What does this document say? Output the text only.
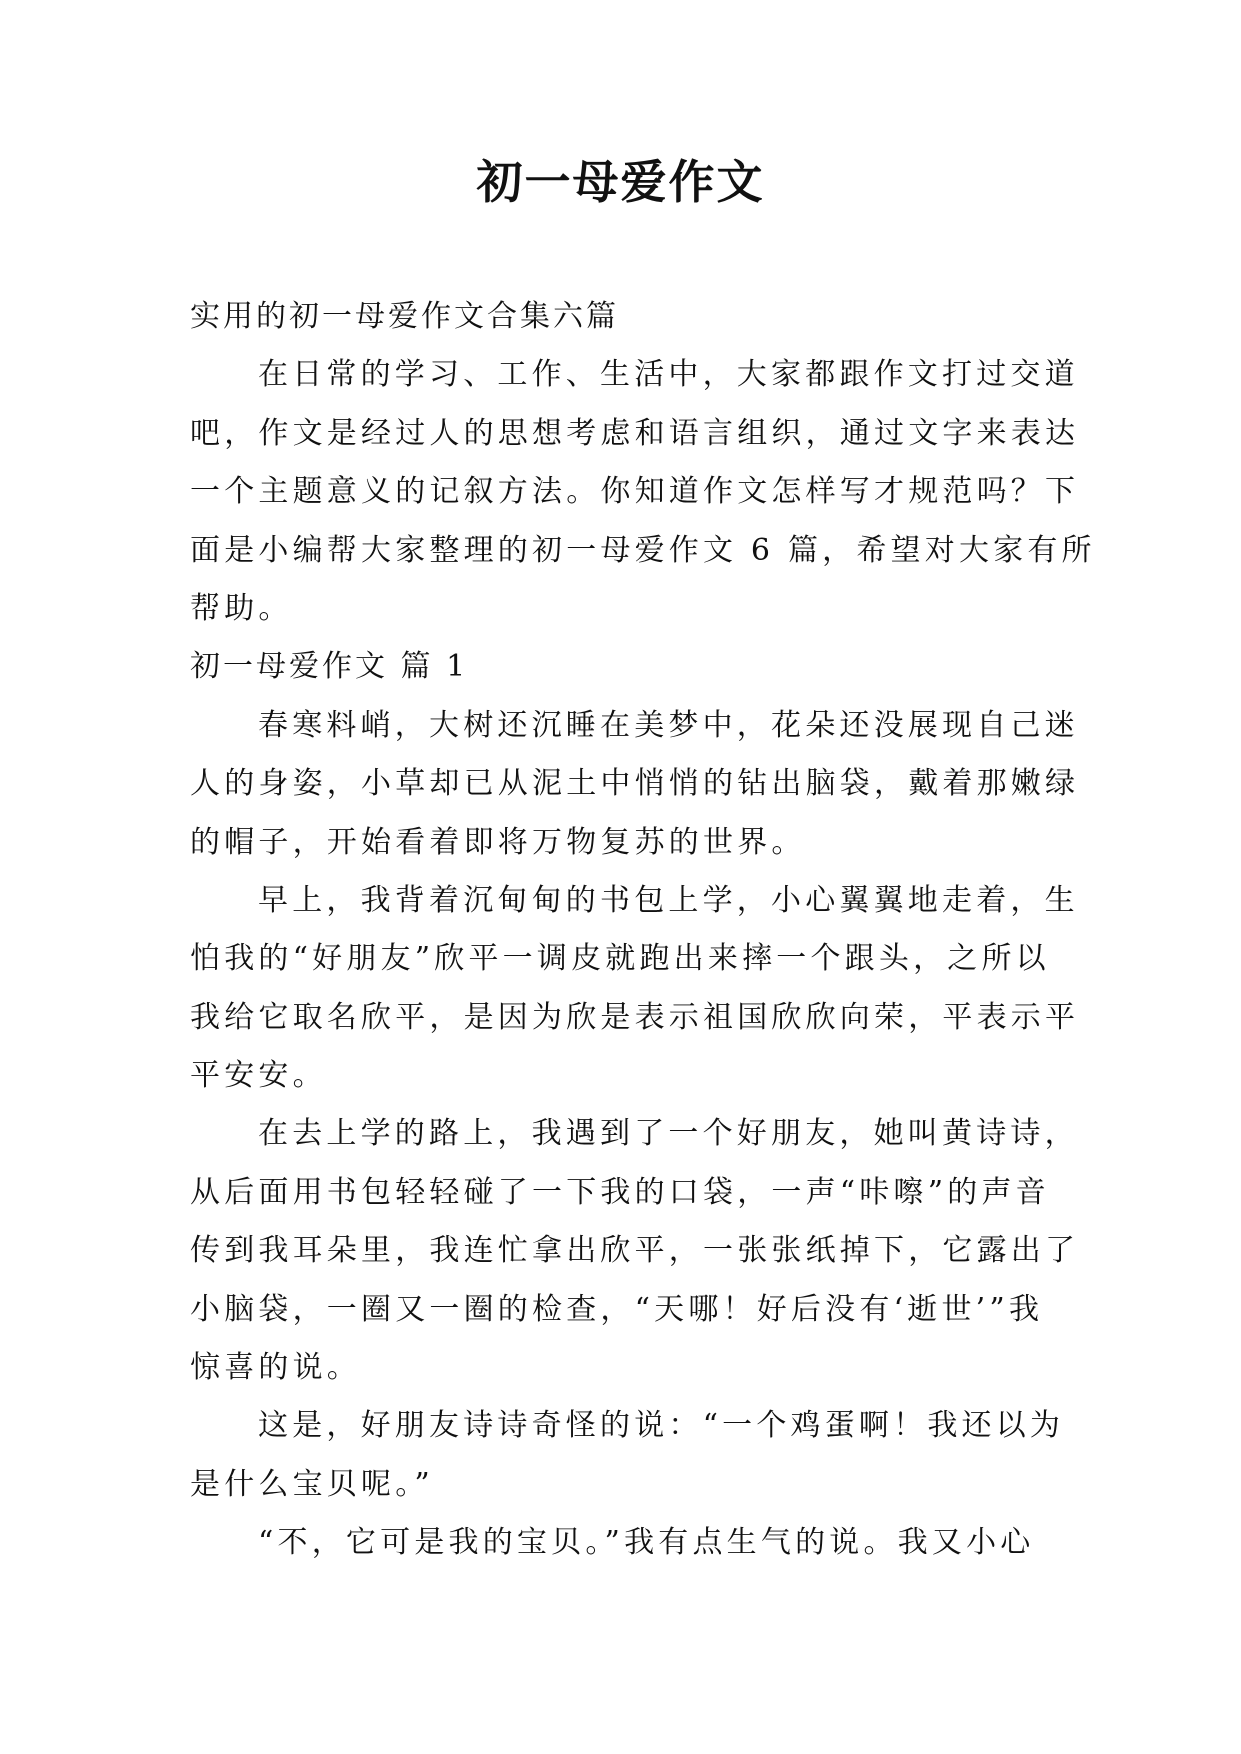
初一母爱作文
实用的初一母爱作文合集六篇
在日常的学习、工作、生活中，大家都跟作文打过交道
吧，作文是经过人的思想考虑和语言组织，通过文字来表达
一个主题意义的记叙方法。你知道作文怎样写才规范吗？下
面是小编帮大家整理的初一母爱作文 6 篇，希望对大家有所
帮助。
初一母爱作文 篇 1
春寒料峭，大树还沉睡在美梦中，花朵还没展现自己迷
人的身姿，小草却已从泥土中悄悄的钻出脑袋，戴着那嫩绿
的帽子，开始看着即将万物复苏的世界。
早上，我背着沉甸甸的书包上学，小心翼翼地走着，生
怕我的“好朋友”欣平一调皮就跑出来摔一个跟头，之所以
我给它取名欣平，是因为欣是表示祖国欣欣向荣，平表示平
平安安。
在去上学的路上，我遇到了一个好朋友，她叫黄诗诗，
从后面用书包轻轻碰了一下我的口袋，一声“咔嚓”的声音
传到我耳朵里，我连忙拿出欣平，一张张纸掉下，它露出了
小脑袋，一圈又一圈的检查，“天哪！好后没有‘逝世’”我
惊喜的说。
这是，好朋友诗诗奇怪的说：“一个鸡蛋啊！我还以为
是什么宝贝呢。”
“不，它可是我的宝贝。”我有点生气的说。我又小心
